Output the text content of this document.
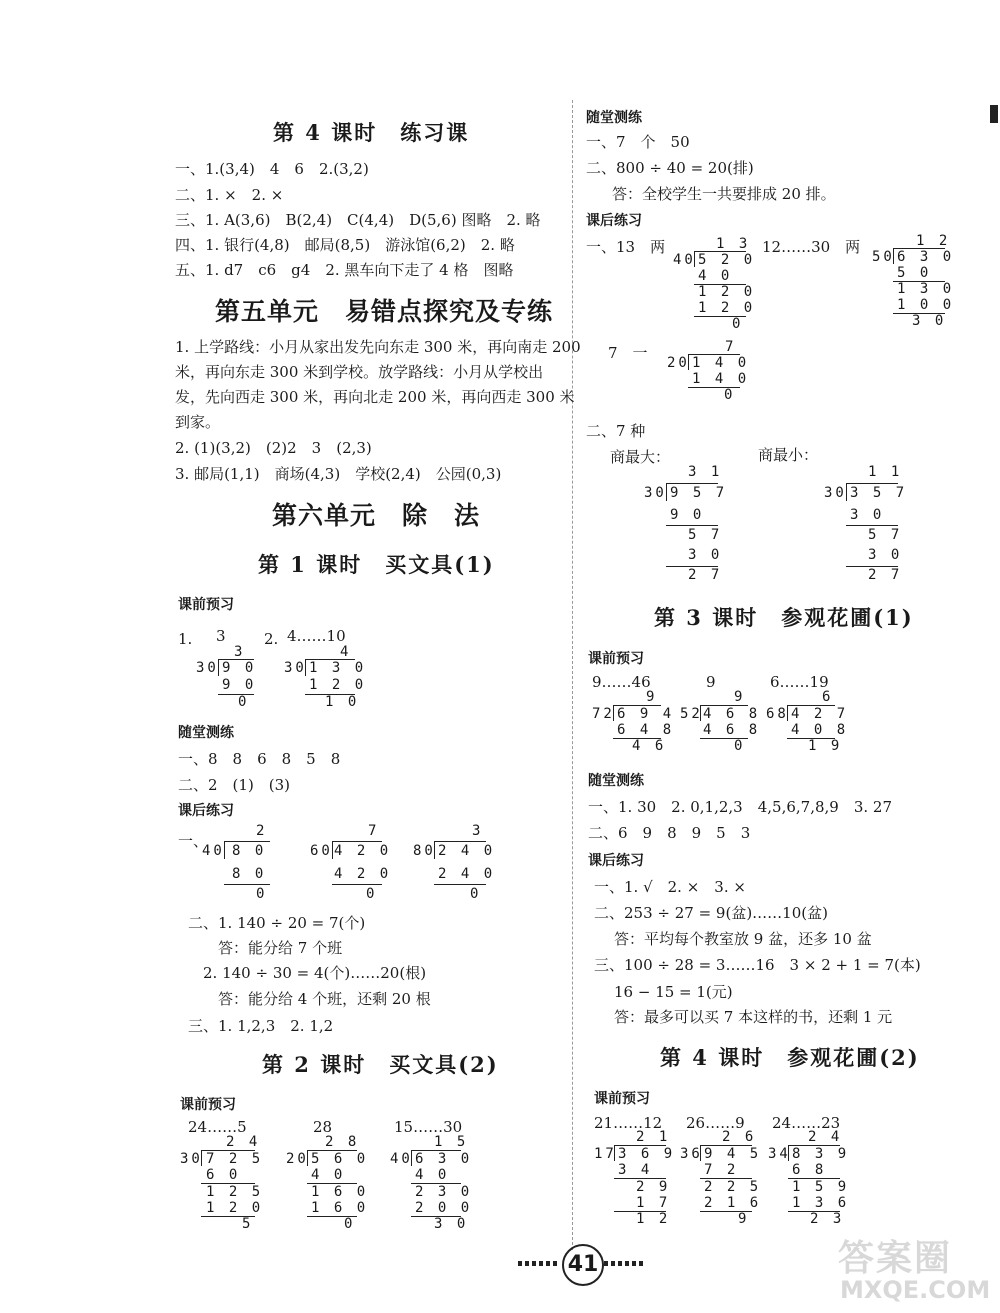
第 4 课时　练习课
一、1.(3,4)　4　6　2.(3,2)
二、1. ×　2. ×
三、1. A(3,6)　B(2,4)　C(4,4)　D(5,6) 图略　2. 略
四、1. 银行(4,8)　邮局(8,5)　游泳馆(6,2)　2. 略
五、1. d7　c6　g4　2. 黑车向下走了 4 格　图略
第五单元　易错点探究及专练
1. 上学路线：小月从家出发先向东走 300 米，再向南走 200
米，再向东走 300 米到学校。放学路线：小月从学校出
发，先向西走 300 米，再向北走 200 米，再向西走 300 米
到家。
2. (1)(3,2)　(2)2　3　(2,3)
3. 邮局(1,1)　商场(4,3)　学校(2,4)　公园(0,3)
第六单元　除　法
第 1 课时　买文具(1)
课前预习
1. 3	2. 4……10
3
30 9 0
9 0
0
4
30 1 3 0
1 2 0
1 0
随堂测练
一、8　8　6　8　5　8
二、2　(1)　(3)
课后练习
一、
2
40 8 0
8 0
0
7
60 4 2 0
4 2 0
0
3
80 2 4 0
2 4 0
0
二、1. 140 ÷ 20 = 7(个)
答：能分给 7 个班
2. 140 ÷ 30 = 4(个)……20(根)
答：能分给 4 个班，还剩 20 根
三、1. 1,2,3　2. 1,2
第 2 课时　买文具(2)
课前预习
24……5	28	15……30
2 4
30 7 2 5
6 0
1 2 5
1 2 0
5
2 8
20 5 6 0
4 0
1 6 0
1 6 0
0
1 5
40 6 3 0
4 0
2 3 0
2 0 0
3 0
随堂测练
一、7　个　50
二、800 ÷ 40 = 20(排)
答：全校学生一共要排成 20 排。
课后练习
一、13　两	12……30　两
1 3
40 5 2 0
4 0
1 2 0
1 2 0
0
1 2
50 6 3 0
5 0
1 3 0
1 0 0
3 0
7　一	7
20 1 4 0
1 4 0
0
二、7 种
商最大：	商最小：
3 1
30 9 5 7
9 0
5 7
3 0
2 7
1 1
30 3 5 7
3 0
5 7
3 0
2 7
第 3 课时　参观花圃(1)
课前预习
9……46	9	6……19
9
72 6 9 4
6 4 8
4 6
9
52 4 6 8
4 6 8
0
6
68 4 2 7
4 0 8
1 9
随堂测练
一、1. 30　2. 0,1,2,3　4,5,6,7,8,9　3. 27
二、6　9　8　9　5　3
课后练习
一、1. √　2. ×　3. ×
二、253 ÷ 27 = 9(盆)……10(盆)
答：平均每个教室放 9 盆，还多 10 盆
三、100 ÷ 28 = 3……16　3 × 2 + 1 = 7(本)
16 − 15 = 1(元)
答：最多可以买 7 本这样的书，还剩 1 元
第 4 课时　参观花圃(2)
课前预习
21……12 26……9 24……23
2 1
17 3 6 9
3 4
2 9
1 7
1 2
2 6
36 9 4 5
7 2
2 2 5
2 1 6
9
2 4
34 8 3 9
6 8
1 5 9
1 3 6
2 3
41	答案圈
MXQE.COM
